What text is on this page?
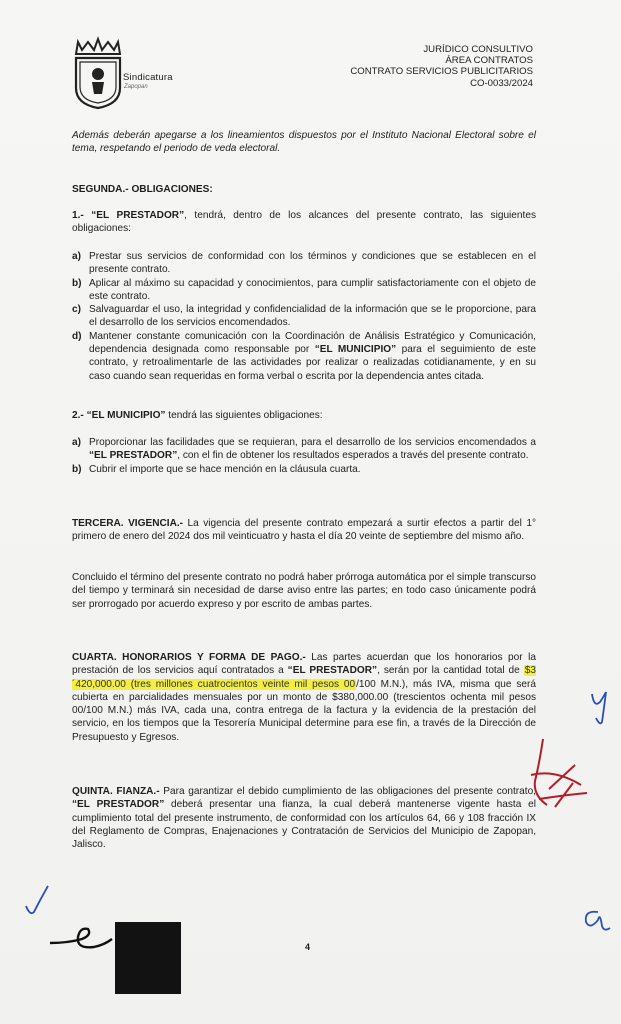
Sindicatura
Zapopan
JURÍDICO CONSULTIVO
ÁREA CONTRATOS
CONTRATO SERVICIOS PUBLICITARIOS
CO-0033/2024
Además deberán apegarse a los lineamientos dispuestos por el Instituto Nacional Electoral sobre el tema, respetando el periodo de veda electoral.
SEGUNDA.- OBLIGACIONES:
1.- “EL PRESTADOR”, tendrá, dentro de los alcances del presente contrato, las siguientes obligaciones:
a) Prestar sus servicios de conformidad con los términos y condiciones que se establecen en el presente contrato.
b) Aplicar al máximo su capacidad y conocimientos, para cumplir satisfactoriamente con el objeto de este contrato.
c) Salvaguardar el uso, la integridad y confidencialidad de la información que se le proporcione, para el desarrollo de los servicios encomendados.
d) Mantener constante comunicación con la Coordinación de Análisis Estratégico y Comunicación, dependencia designada como responsable por “EL MUNICIPIO” para el seguimiento de este contrato, y retroalimentarle de las actividades por realizar o realizadas cotidianamente, y en su caso cuando sean requeridas en forma verbal o escrita por la dependencia antes citada.
2.- “EL MUNICIPIO” tendrá las siguientes obligaciones:
a) Proporcionar las facilidades que se requieran, para el desarrollo de los servicios encomendados a “EL PRESTADOR”, con el fin de obtener los resultados esperados a través del presente contrato.
b) Cubrir el importe que se hace mención en la cláusula cuarta.
TERCERA. VIGENCIA.- La vigencia del presente contrato empezará a surtir efectos a partir del 1° primero de enero del 2024 dos mil veinticuatro y hasta el día 20 veinte de septiembre del mismo año.
Concluido el término del presente contrato no podrá haber prórroga automática por el simple transcurso del tiempo y terminará sin necesidad de darse aviso entre las partes; en todo caso únicamente podrá ser prorrogado por acuerdo expreso y por escrito de ambas partes.
CUARTA. HONORARIOS Y FORMA DE PAGO.- Las partes acuerdan que los honorarios por la prestación de los servicios aquí contratados a “EL PRESTADOR”, serán por la cantidad total de $3´420,000.00 (tres millones cuatrocientos veinte mil pesos 00/100 M.N.), más IVA, misma que será cubierta en parcialidades mensuales por un monto de $380,000.00 (trescientos ochenta mil pesos 00/100 M.N.) más IVA, cada una, contra entrega de la factura y la evidencia de la prestación del servicio, en los tiempos que la Tesorería Municipal determine para ese fin, a través de la Dirección de Presupuesto y Egresos.
QUINTA. FIANZA.- Para garantizar el debido cumplimiento de las obligaciones del presente contrato, “EL PRESTADOR” deberá presentar una fianza, la cual deberá mantenerse vigente hasta el cumplimiento total del presente instrumento, de conformidad con los artículos 64, 66 y 108 fracción IX del Reglamento de Compras, Enajenaciones y Contratación de Servicios del Municipio de Zapopan, Jalisco.
4
